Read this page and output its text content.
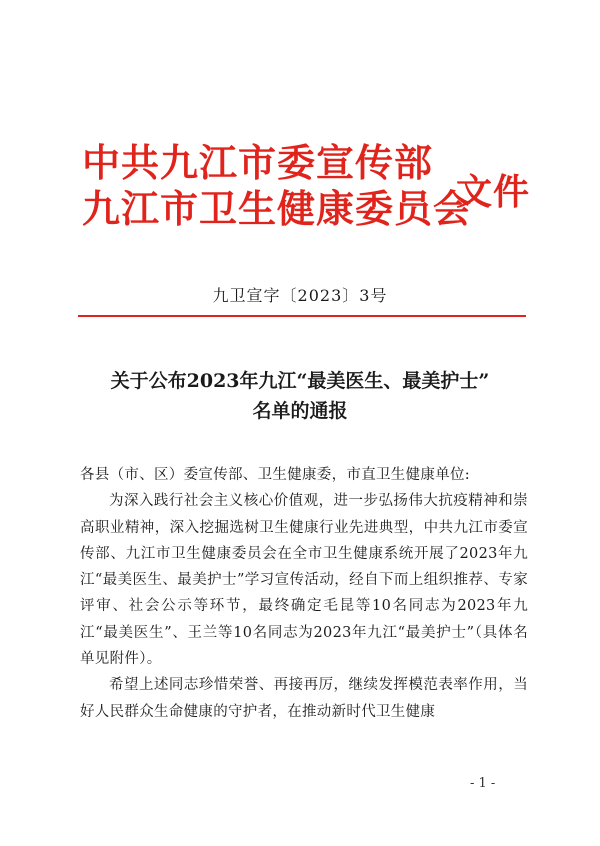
中共九江市委宣传部
九江市卫生健康委员会
文件
九卫宣字〔2023〕3号
关于公布2023年九江“最美医生、最美护士”
名单的通报

各县（市、区）委宣传部、卫生健康委，市直卫生健康单位:

为深入践行社会主义核心价值观，进一步弘扬伟大抗疫精神和崇高职业精神，深入挖掘选树卫生健康行业先进典型，中共九江市委宣传部、九江市卫生健康委员会在全市卫生健康系统开展了2023年九江“最美医生、最美护士”学习宣传活动，经自下而上组织推荐、专家评审、社会公示等环节，最终确定毛昆等10名同志为2023年九江“最美医生”、王兰等10名同志为2023年九江“最美护士”（具体名单见附件）。

希望上述同志珍惜荣誉、再接再厉，继续发挥模范表率作用，当好人民群众生命健康的守护者，在推动新时代卫生健康

- 1 -
